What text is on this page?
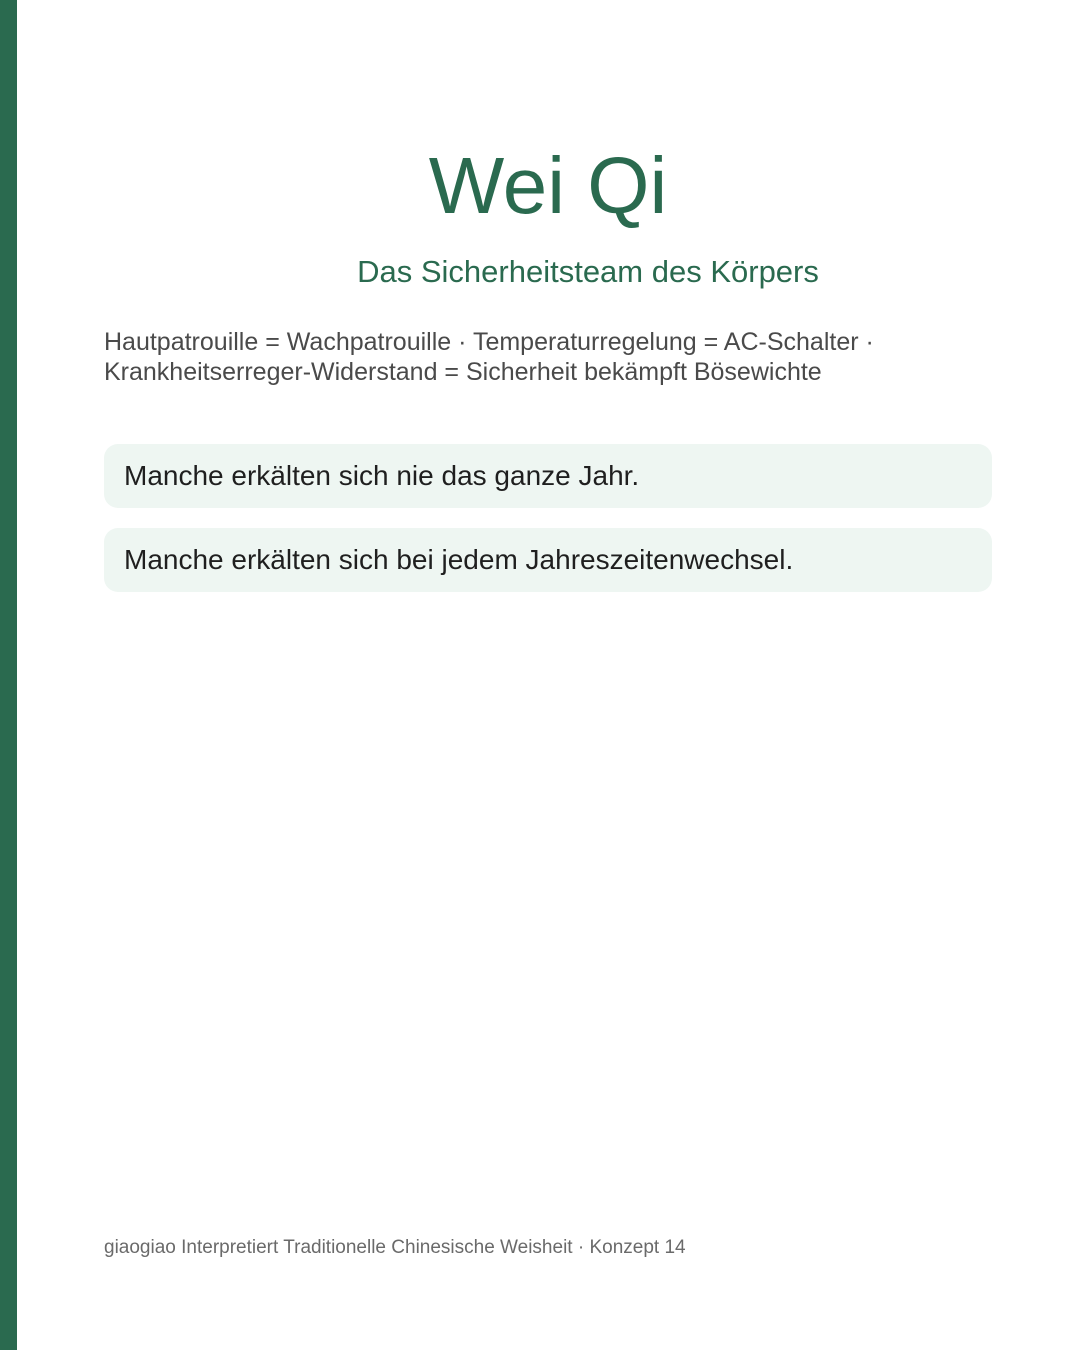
Wei Qi
Das Sicherheitsteam des Körpers

Hautpatrouille = Wachpatrouille · Temperaturregelung = AC-Schalter ·
Krankheitserreger-Widerstand = Sicherheit bekämpft Bösewichte

Manche erkälten sich nie das ganze Jahr.
Manche erkälten sich bei jedem Jahreszeitenwechsel.

giaogiao Interpretiert Traditionelle Chinesische Weisheit · Konzept 14
